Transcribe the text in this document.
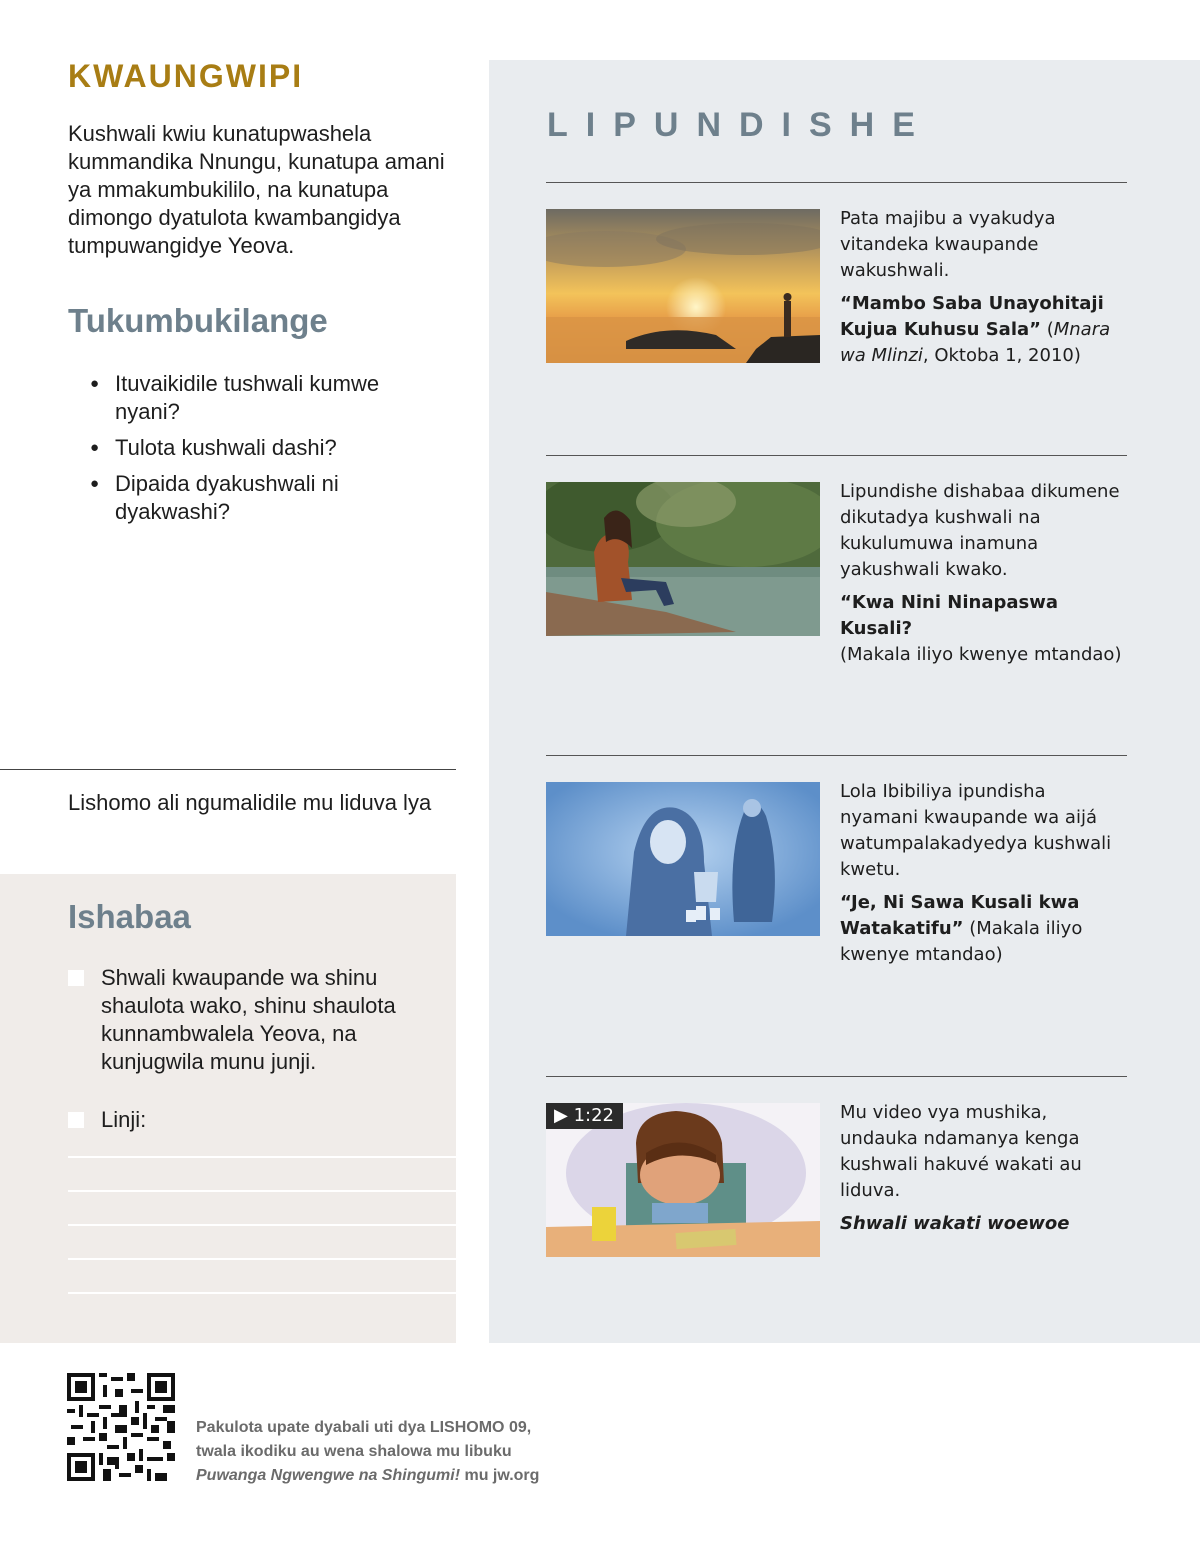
KWAUNGWIPI

Kushwali kwiu kunatupwashela kummandika Nnungu, kunatupa amani ya mmakumbukililo, na kunatupa dimongo dyatulota kwambangidya tumpuwangidye Yeova.

Tukumbukilange
● Ituvaikidile tushwali kumwe nyani?
● Tulota kushwali dashi?
● Dipaida dyakushwali ni dyakwashi?

Lishomo ali ngumalidile mu liduva lya

Ishabaa
Shwali kwaupande wa shinu shaulota wako, shinu shaulota kunnambwalela Yeova, na kunjugwila munu junji.
Linji:
LIPUNDISHE
Pata majibu a vyakudya vitandeka kwaupande wakushwali.
“Mambo Saba Unayohitaji Kujua Kuhusu Sala” (Mnara wa Mlinzi, Oktoba 1, 2010)
Lipundishe dishabaa dikumene dikutadya kushwali na kukulumuwa inamuna yakushwali kwako.
“Kwa Nini Ninapaswa Kusali?
(Makala iliyo kwenye mtandao)
Lola Ibibiliya ipundisha nyamani kwaupande wa aijá watumpalakadyedya kushwali kwetu.
“Je, Ni Sawa Kusali kwa Watakatifu” (Makala iliyo kwenye mtandao)
▶ 1:22	Mu video vya mushika, undauka ndamanya kenga kushwali hakuvé wakati au liduva.
Shwali wakati woewoe

Pakulota upate dyabali uti dya LISHOMO 09,
twala ikodiku au wena shalowa mu libuku
Puwanga Ngwengwe na Shingumi! mu jw.org
